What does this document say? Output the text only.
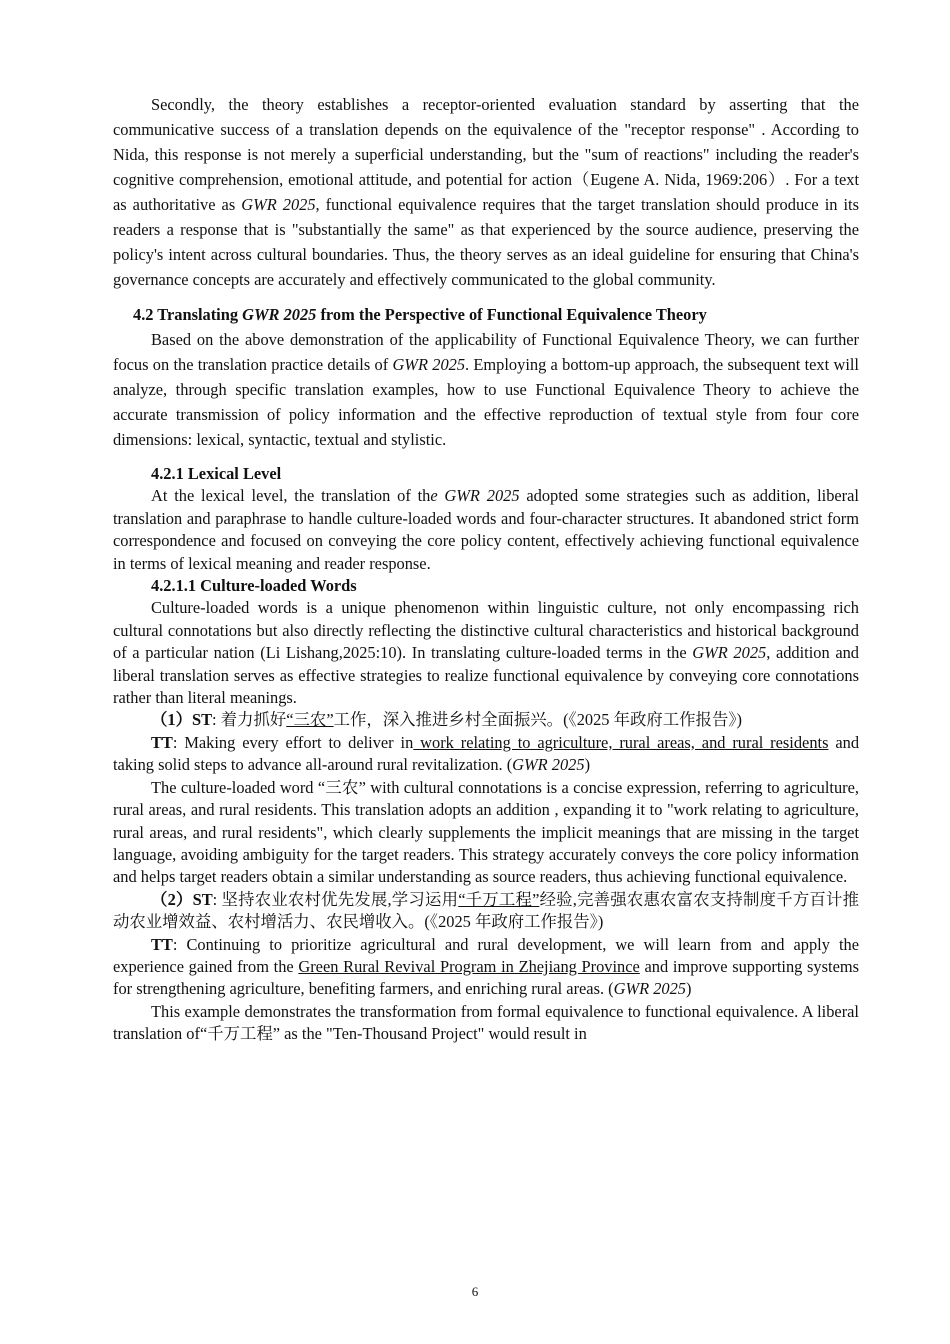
Secondly, the theory establishes a receptor-oriented evaluation standard by asserting that the communicative success of a translation depends on the equivalence of the "receptor response" . According to Nida, this response is not merely a superficial understanding, but the "sum of reactions" including the reader's cognitive comprehension, emotional attitude, and potential for action（Eugene A. Nida, 1969:206）. For a text as authoritative as GWR 2025, functional equivalence requires that the target translation should produce in its readers a response that is "substantially the same" as that experienced by the source audience, preserving the policy's intent across cultural boundaries. Thus, the theory serves as an ideal guideline for ensuring that China's governance concepts are accurately and effectively communicated to the global community.

4.2 Translating GWR 2025 from the Perspective of Functional Equivalence Theory

Based on the above demonstration of the applicability of Functional Equivalence Theory, we can further focus on the translation practice details of GWR 2025. Employing a bottom-up approach, the subsequent text will analyze, through specific translation examples, how to use Functional Equivalence Theory to achieve the accurate transmission of policy information and the effective reproduction of textual style from four core dimensions: lexical, syntactic, textual and stylistic.

4.2.1 Lexical Level

At the lexical level, the translation of the GWR 2025 adopted some strategies such as addition, liberal translation and paraphrase to handle culture-loaded words and four-character structures. It abandoned strict form correspondence and focused on conveying the core policy content, effectively achieving functional equivalence in terms of lexical meaning and reader response.

4.2.1.1 Culture-loaded Words

Culture-loaded words is a unique phenomenon within linguistic culture, not only encompassing rich cultural connotations but also directly reflecting the distinctive cultural characteristics and historical background of a particular nation (Li Lishang,2025:10). In translating culture-loaded terms in the GWR 2025, addition and liberal translation serves as effective strategies to realize functional equivalence by conveying core connotations rather than literal meanings.

（1）ST: 着力抓好“三农”工作，深入推进乡村全面振兴。(《2025 年政府工作报告》)

TT: Making every effort to deliver in work relating to agriculture, rural areas, and rural residents and taking solid steps to advance all-around rural revitalization. (GWR 2025)

The culture-loaded word “三农” with cultural connotations is a concise expression, referring to agriculture, rural areas, and rural residents. This translation adopts an addition , expanding it to "work relating to agriculture, rural areas, and rural residents", which clearly supplements the implicit meanings that are missing in the target language, avoiding ambiguity for the target readers. This strategy accurately conveys the core policy information and helps target readers obtain a similar understanding as source readers, thus achieving functional equivalence.

（2）ST: 坚持农业农村优先发展,学习运用“千万工程”经验,完善强农惠农富农支持制度千方百计推动农业增效益、农村增活力、农民增收入。(《2025 年政府工作报告》)

TT: Continuing to prioritize agricultural and rural development, we will learn from and apply the experience gained from the Green Rural Revival Program in Zhejiang Province and improve supporting systems for strengthening agriculture, benefiting farmers, and enriching rural areas. (GWR 2025)

This example demonstrates the transformation from formal equivalence to functional equivalence. A liberal translation of“千万工程” as the "Ten-Thousand Project" would result in

6
